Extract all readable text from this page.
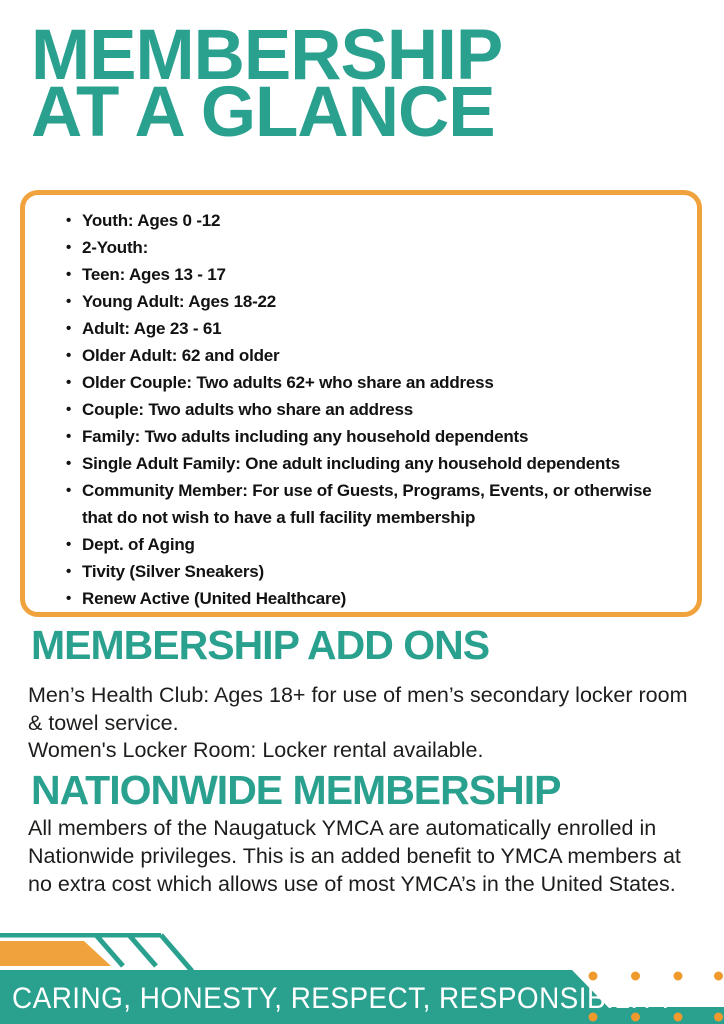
MEMBERSHIP
AT A GLANCE
• Youth: Ages 0 -12
• 2-Youth:
• Teen: Ages 13 - 17
• Young Adult: Ages 18-22
• Adult: Age 23 - 61
• Older Adult: 62 and older
• Older Couple: Two adults 62+ who share an address
• Couple: Two adults who share an address
• Family: Two adults including any household dependents
• Single Adult Family: One adult including any household dependents
• Community Member: For use of Guests, Programs, Events, or otherwise that do not wish to have a full facility membership
• Dept. of Aging
• Tivity (Silver Sneakers)
• Renew Active (United Healthcare)
MEMBERSHIP ADD ONS
Men’s Health Club: Ages 18+ for use of men’s secondary locker room
& towel service.
Women's Locker Room: Locker rental available.
NATIONWIDE MEMBERSHIP
All members of the Naugatuck YMCA are automatically enrolled in
Nationwide privileges. This is an added benefit to YMCA members at
no extra cost which allows use of most YMCA’s in the United States.
CARING, HONESTY, RESPECT, RESPONSIBILITY
